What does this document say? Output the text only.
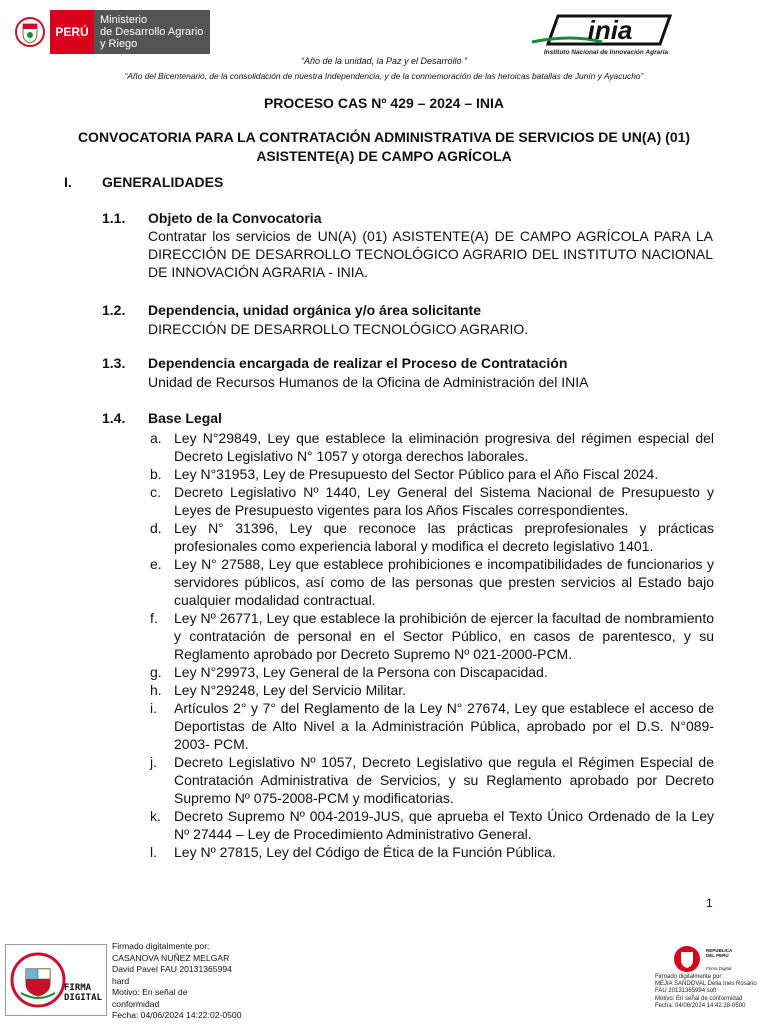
PERÚ
Ministerio
de Desarrollo Agrario
y Riego	inia
Instituto Nacional de Innovación Agraria
“Año de la unidad, la Paz y el Desarrollo ”
“Año del Bicentenario, de la consolidación de nuestra Independencia, y de la conmemoración de las heroicas batallas de Junín y Ayacucho”
PROCESO CAS Nº 429 – 2024 – INIA
CONVOCATORIA PARA LA CONTRATACIÓN ADMINISTRATIVA DE SERVICIOS DE UN(A) (01) ASISTENTE(A) DE CAMPO AGRÍCOLA
I. GENERALIDADES
1.1. Objeto de la Convocatoria
Contratar los servicios de UN(A) (01) ASISTENTE(A) DE CAMPO AGRÍCOLA PARA LA DIRECCIÓN DE DESARROLLO TECNOLÓGICO AGRARIO DEL INSTITUTO NACIONAL DE INNOVACIÓN AGRARIA - INIA.
1.2. Dependencia, unidad orgánica y/o área solicitante
DIRECCIÓN DE DESARROLLO TECNOLÓGICO AGRARIO.
1.3. Dependencia encargada de realizar el Proceso de Contratación
Unidad de Recursos Humanos de la Oficina de Administración del INIA
1.4. Base Legal
a. Ley N°29849, Ley que establece la eliminación progresiva del régimen especial del Decreto Legislativo N° 1057 y otorga derechos laborales.
b. Ley N°31953, Ley de Presupuesto del Sector Público para el Año Fiscal 2024.
c. Decreto Legislativo Nº 1440, Ley General del Sistema Nacional de Presupuesto y Leyes de Presupuesto vigentes para los Años Fiscales correspondientes.
d. Ley N° 31396, Ley que reconoce las prácticas preprofesionales y prácticas profesionales como experiencia laboral y modifica el decreto legislativo 1401.
e. Ley N° 27588, Ley que establece prohibiciones e incompatibilidades de funcionarios y servidores públicos, así como de las personas que presten servicios al Estado bajo cualquier modalidad contractual.
f. Ley Nº 26771, Ley que establece la prohibición de ejercer la facultad de nombramiento y contratación de personal en el Sector Público, en casos de parentesco, y su Reglamento aprobado por Decreto Supremo Nº 021-2000-PCM.
g. Ley N°29973, Ley General de la Persona con Discapacidad.
h. Ley N°29248, Ley del Servicio Militar.
i. Artículos 2° y 7° del Reglamento de la Ley N° 27674, Ley que establece el acceso de Deportistas de Alto Nivel a la Administración Pública, aprobado por el D.S. N°089-2003- PCM.
j. Decreto Legislativo Nº 1057, Decreto Legislativo que regula el Régimen Especial de Contratación Administrativa de Servicios, y su Reglamento aprobado por Decreto Supremo Nº 075-2008-PCM y modificatorias.
k. Decreto Supremo Nº 004-2019-JUS, que aprueba el Texto Único Ordenado de la Ley Nº 27444 – Ley de Procedimiento Administrativo General.
l. Ley Nº 27815, Ley del Código de Ética de la Función Pública.
1
FIRMA DIGITAL
Firmado digitalmente por:
CASANOVA NUÑEZ MELGAR
David Pavel FAU 20131365994
hard
Motivo: En señal de
conformidad
Fecha: 04/06/2024 14:22:02-0500
REPÚBLICA DEL PERÚ
Firma Digital
Firmado digitalmente por:
MEJIA SANDOVAL Delia Ines Rosario
FAU 20131365994 soft
Motivo: En señal de conformidad
Fecha: 04/06/2024 14:42:28-0500
